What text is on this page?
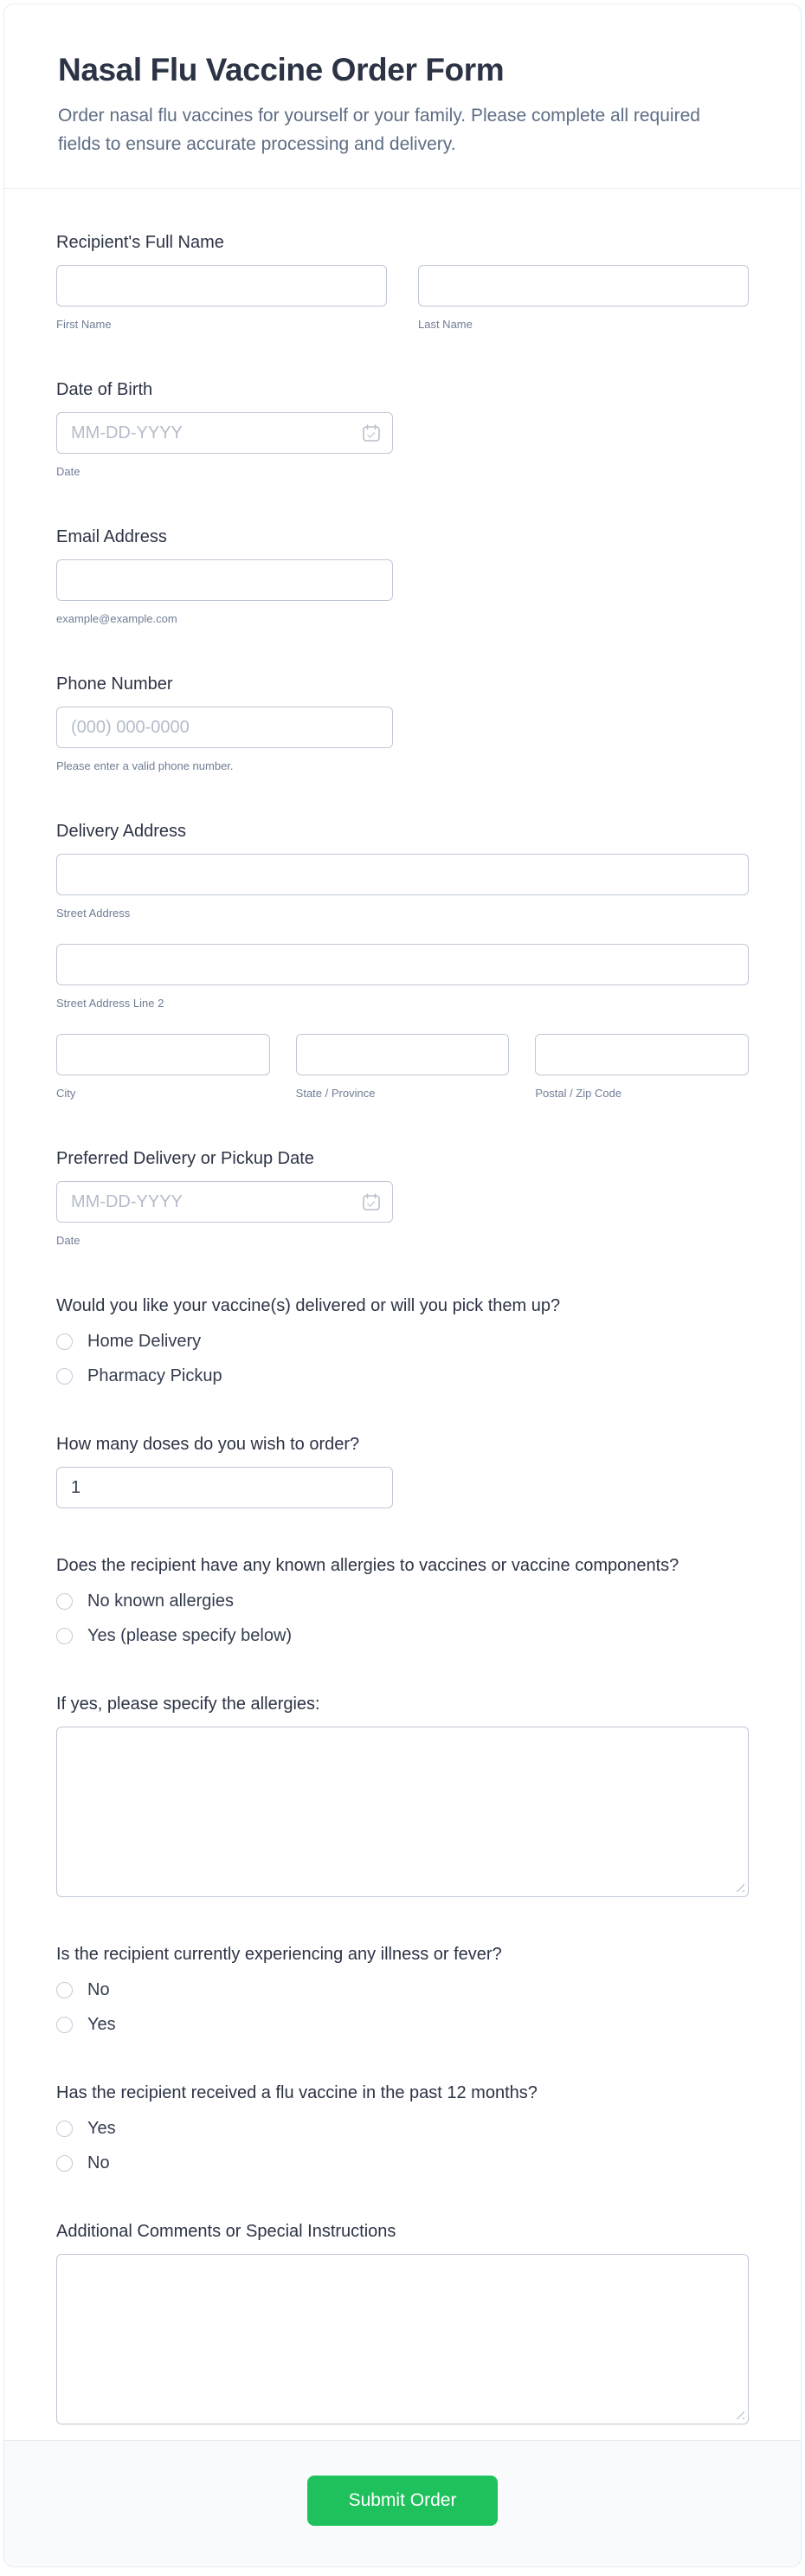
Nasal Flu Vaccine Order Form
Order nasal flu vaccines for yourself or your family. Please complete all required fields to ensure accurate processing and delivery.
Recipient's Full Name
First Name	Last Name
Date of Birth
MM-DD-YYYY
Date
Email Address
example@example.com
Phone Number
(000) 000-0000
Please enter a valid phone number.
Delivery Address
Street Address
Street Address Line 2
City	State / Province	Postal / Zip Code
Preferred Delivery or Pickup Date
MM-DD-YYYY
Date
Would you like your vaccine(s) delivered or will you pick them up?
Home Delivery
Pharmacy Pickup
How many doses do you wish to order?
1
Does the recipient have any known allergies to vaccines or vaccine components?
No known allergies
Yes (please specify below)
If yes, please specify the allergies:
Is the recipient currently experiencing any illness or fever?
No
Yes
Has the recipient received a flu vaccine in the past 12 months?
Yes
No
Additional Comments or Special Instructions
Submit Order
